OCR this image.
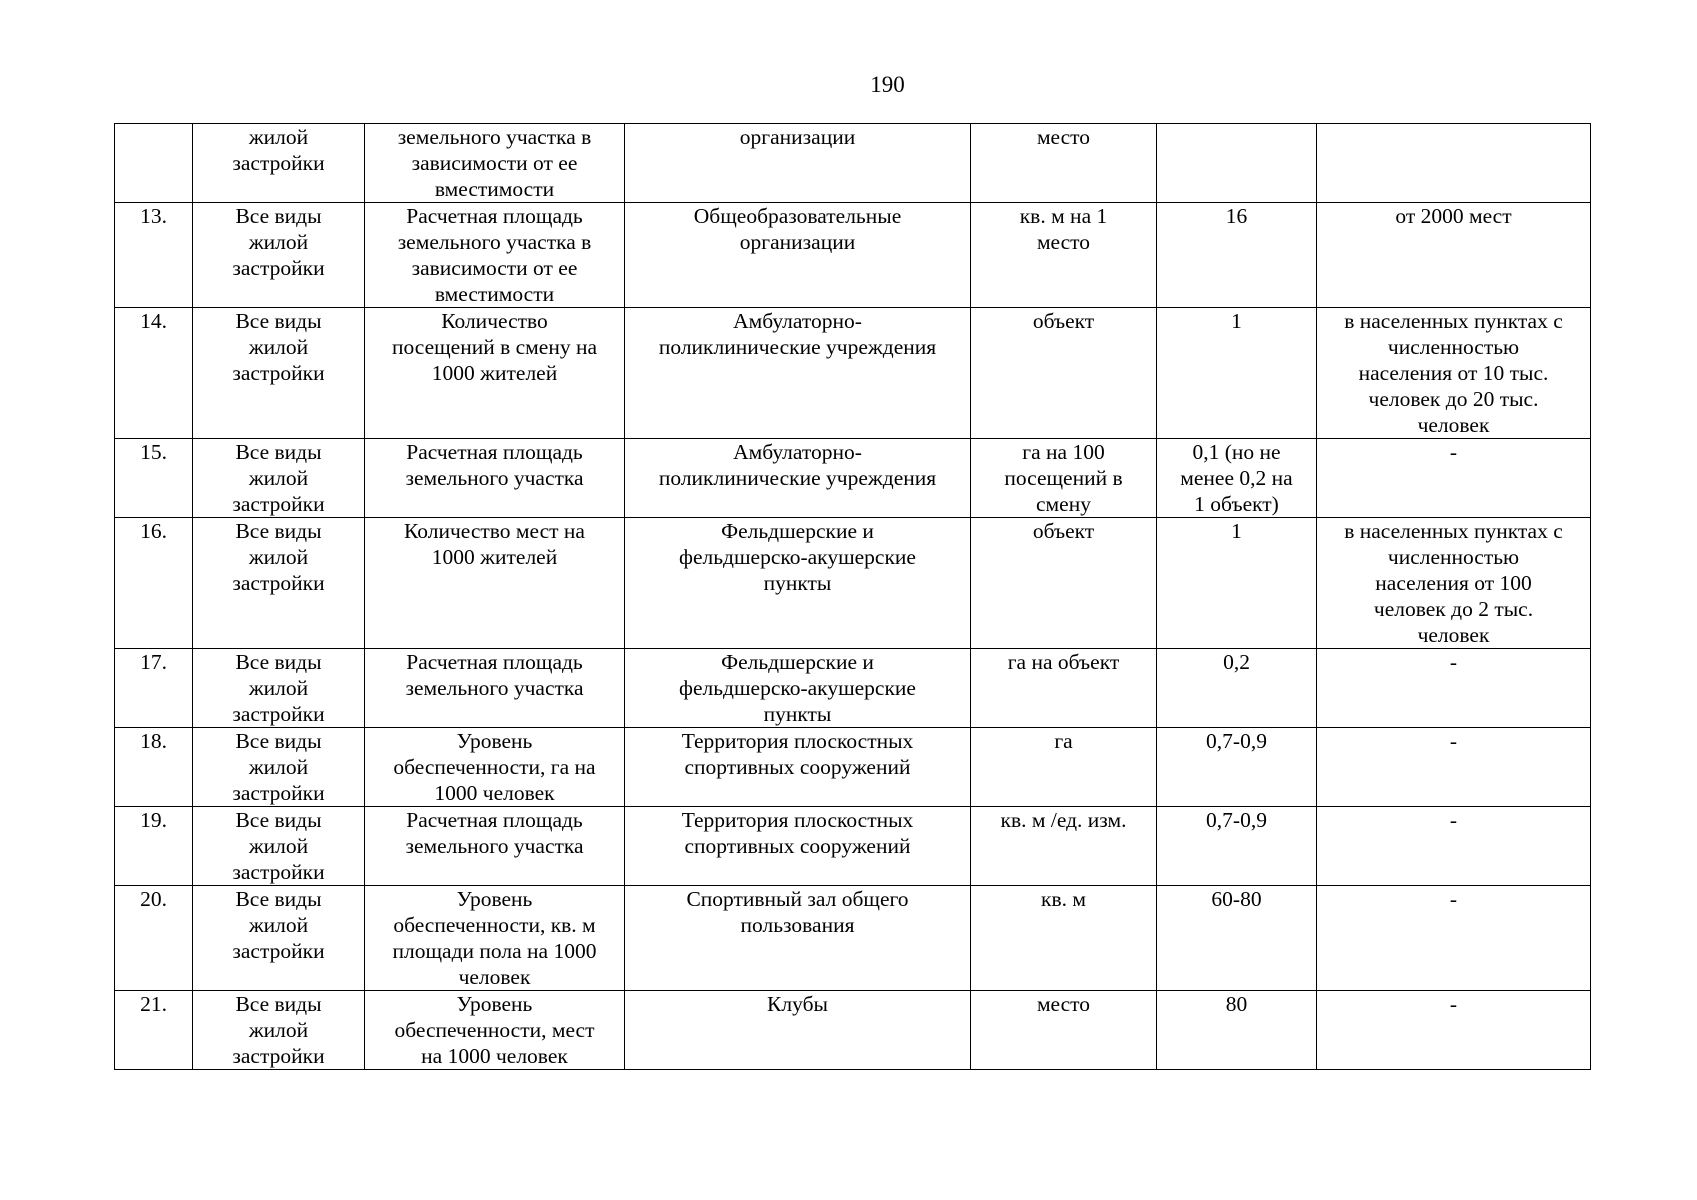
190

	жилой
застройки	земельного участка в
зависимости от ее
вместимости	организации	место		

13.	Все виды
жилой
застройки	Расчетная площадь
земельного участка в
зависимости от ее
вместимости	Общеобразовательные
организации	кв. м на 1
место	16	от 2000 мест

14.	Все виды
жилой
застройки	Количество
посещений в смену на
1000 жителей	Амбулаторно-
поликлинические учреждения	объект	1	в населенных пунктах с
численностью
населения от 10 тыс.
человек до 20 тыс.
человек

15.	Все виды
жилой
застройки	Расчетная площадь
земельного участка	Амбулаторно-
поликлинические учреждения	га на 100
посещений в
смену	0,1 (но не
менее 0,2 на
1 объект)	-

16.	Все виды
жилой
застройки	Количество мест на
1000 жителей	Фельдшерские и
фельдшерско-акушерские
пункты	объект	1	в населенных пунктах с
численностью
населения от 100
человек до 2 тыс.
человек

17.	Все виды
жилой
застройки	Расчетная площадь
земельного участка	Фельдшерские и
фельдшерско-акушерские
пункты	га на объект	0,2	-

18.	Все виды
жилой
застройки	Уровень
обеспеченности, га на
1000 человек	Территория плоскостных
спортивных сооружений	га	0,7-0,9	-

19.	Все виды
жилой
застройки	Расчетная площадь
земельного участка	Территория плоскостных
спортивных сооружений	кв. м /ед. изм.	0,7-0,9	-

20.	Все виды
жилой
застройки	Уровень
обеспеченности, кв. м
площади пола на 1000
человек	Спортивный зал общего
пользования	кв. м	60-80	-

21.	Все виды
жилой
застройки	Уровень
обеспеченности, мест
на 1000 человек	Клубы	место	80	-
